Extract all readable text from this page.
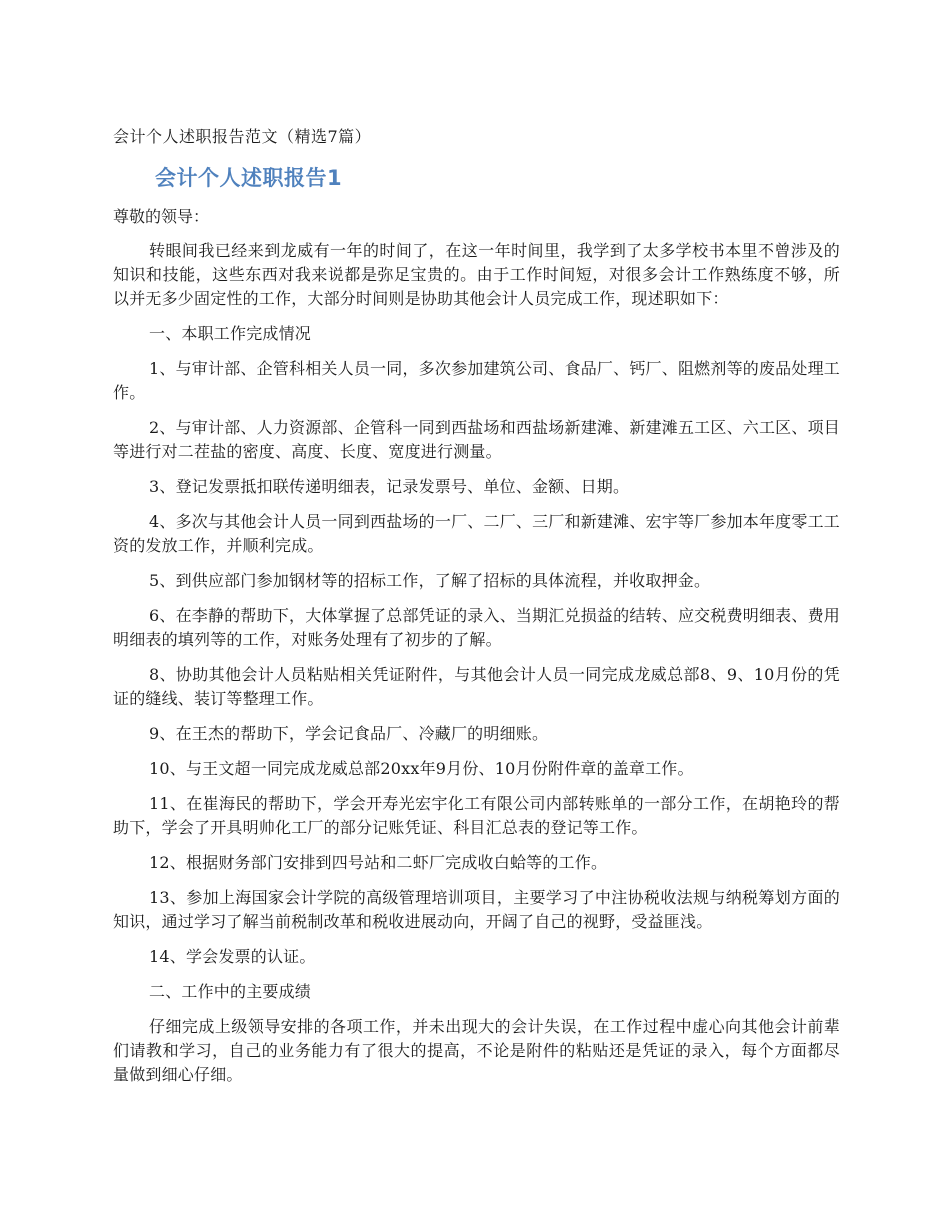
会计个人述职报告范文（精选7篇）

会计个人述职报告1

尊敬的领导：

转眼间我已经来到龙威有一年的时间了，在这一年时间里，我学到了太多学校书本里不曾涉及的知识和技能，这些东西对我来说都是弥足宝贵的。由于工作时间短，对很多会计工作熟练度不够，所以并无多少固定性的工作，大部分时间则是协助其他会计人员完成工作，现述职如下：

一、本职工作完成情况

1、与审计部、企管科相关人员一同，多次参加建筑公司、食品厂、钙厂、阻燃剂等的废品处理工作。

2、与审计部、人力资源部、企管科一同到西盐场和西盐场新建滩、新建滩五工区、六工区、项目等进行对二茬盐的密度、高度、长度、宽度进行测量。

3、登记发票抵扣联传递明细表，记录发票号、单位、金额、日期。

4、多次与其他会计人员一同到西盐场的一厂、二厂、三厂和新建滩、宏宇等厂参加本年度零工工资的发放工作，并顺利完成。

5、到供应部门参加钢材等的招标工作，了解了招标的具体流程，并收取押金。

6、在李静的帮助下，大体掌握了总部凭证的录入、当期汇兑损益的结转、应交税费明细表、费用明细表的填列等的工作，对账务处理有了初步的了解。

8、协助其他会计人员粘贴相关凭证附件，与其他会计人员一同完成龙威总部8、9、10月份的凭证的缝线、装订等整理工作。

9、在王杰的帮助下，学会记食品厂、冷藏厂的明细账。

10、与王文超一同完成龙威总部20xx年9月份、10月份附件章的盖章工作。

11、在崔海民的帮助下，学会开寿光宏宇化工有限公司内部转账单的一部分工作，在胡艳玲的帮助下，学会了开具明帅化工厂的部分记账凭证、科目汇总表的登记等工作。

12、根据财务部门安排到四号站和二虾厂完成收白蛤等的工作。

13、参加上海国家会计学院的高级管理培训项目，主要学习了中注协税收法规与纳税筹划方面的知识，通过学习了解当前税制改革和税收进展动向，开阔了自己的视野，受益匪浅。

14、学会发票的认证。

二、工作中的主要成绩

仔细完成上级领导安排的各项工作，并未出现大的会计失误，在工作过程中虚心向其他会计前辈们请教和学习，自己的业务能力有了很大的提高，不论是附件的粘贴还是凭证的录入，每个方面都尽量做到细心仔细。
